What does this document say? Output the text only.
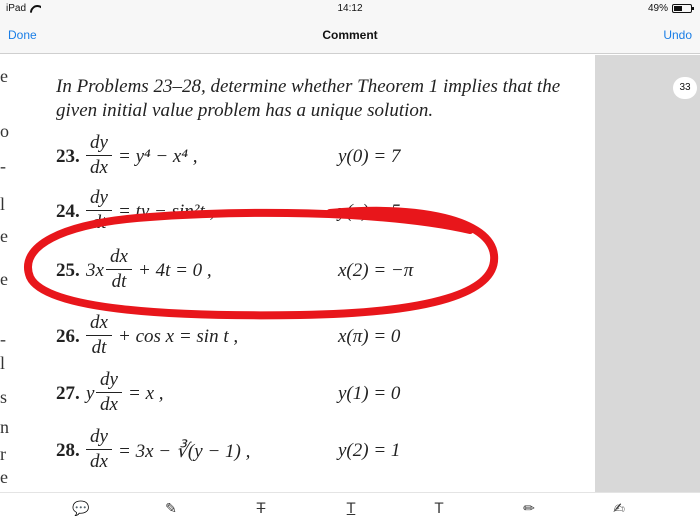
iPad	14:12	49%
Done	Comment	Undo
e
o
-
l
e
e
-
l
s
n
r
e
In Problems 23–28, determine whether Theorem 1 implies that the given initial value problem has a unique solution.
23.
dy
dx
= y⁴ − x⁴ ,	y(0) = 7
24.
dy
dt
= ty − sin²t ,	y(π) = 5
25. 3x
dx
dt
+ 4t = 0 ,	x(2) = −π
26.
dx
dt
+ cos x = sin t ,	x(π) = 0
27. y
dy
dx
= x ,	y(1) = 0
28.
dy
dx = 3x − ∛(y − 1) ,	y(2) = 1
33
💬	✎	T	T	T	✏	✍
